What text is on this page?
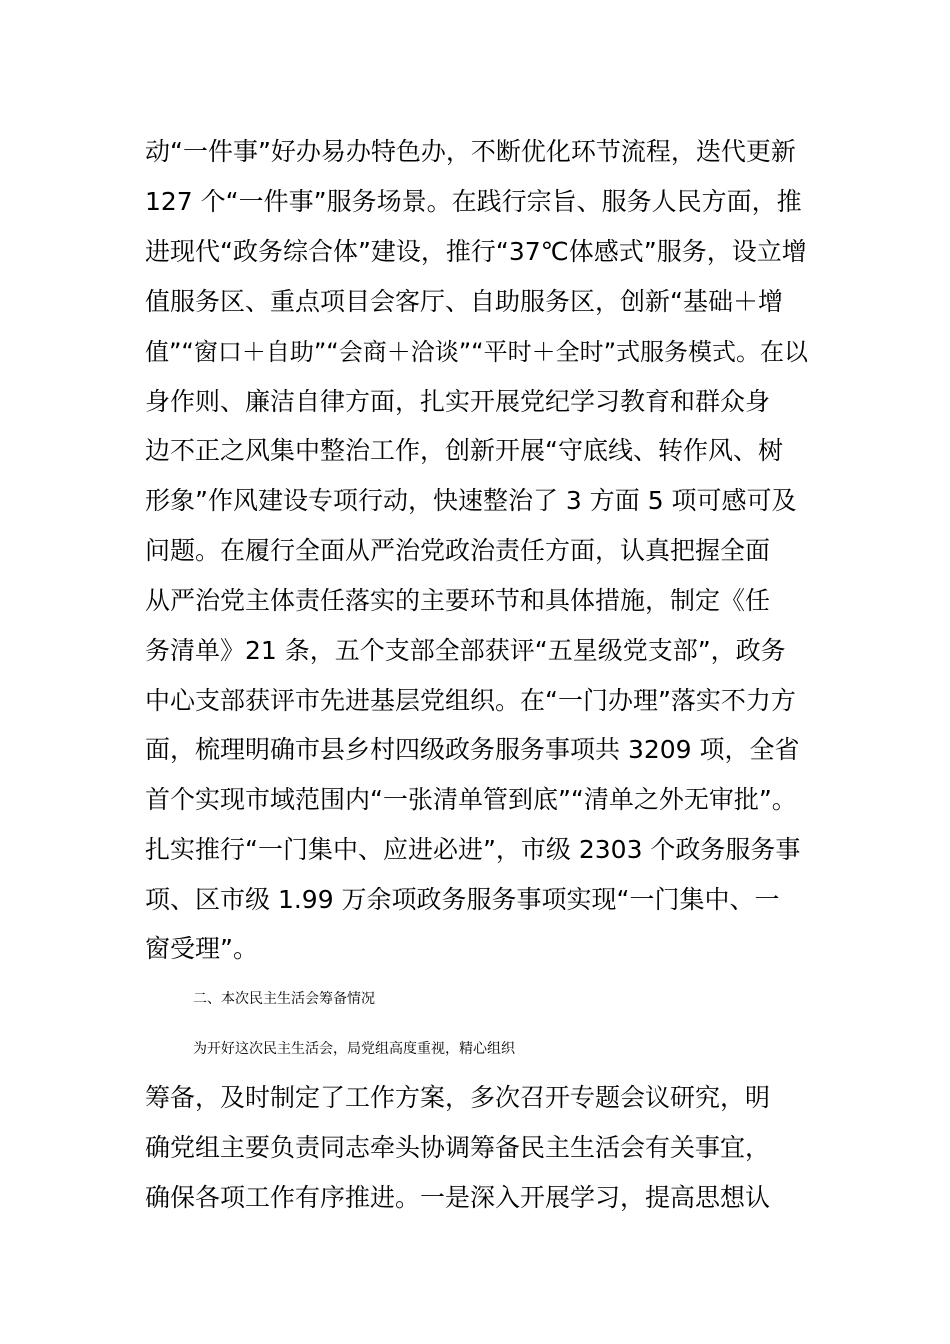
动“一件事”好办易办特色办，不断优化环节流程，迭代更新
127 个“一件事”服务场景。在践行宗旨、服务人民方面，推
进现代“政务综合体”建设，推行“37℃体感式”服务，设立增
值服务区、重点项目会客厅、自助服务区，创新“基础＋增
值”“窗口＋自助”“会商＋洽谈”“平时＋全时”式服务模式。在以
身作则、廉洁自律方面，扎实开展党纪学习教育和群众身
边不正之风集中整治工作，创新开展“守底线、转作风、树
形象”作风建设专项行动，快速整治了 3 方面 5 项可感可及
问题。在履行全面从严治党政治责任方面，认真把握全面
从严治党主体责任落实的主要环节和具体措施，制定《任
务清单》21 条，五个支部全部获评“五星级党支部”，政务
中心支部获评市先进基层党组织。在“一门办理”落实不力方
面，梳理明确市县乡村四级政务服务事项共 3209 项，全省
首个实现市域范围内“一张清单管到底”“清单之外无审批”。
扎实推行“一门集中、应进必进”，市级 2303 个政务服务事
项、区市级 1.99 万余项政务服务事项实现“一门集中、一
窗受理”。
二、本次民主生活会筹备情况
为开好这次民主生活会，局党组高度重视，精心组织
筹备，及时制定了工作方案，多次召开专题会议研究，明
确党组主要负责同志牵头协调筹备民主生活会有关事宜，
确保各项工作有序推进。一是深入开展学习，提高思想认
